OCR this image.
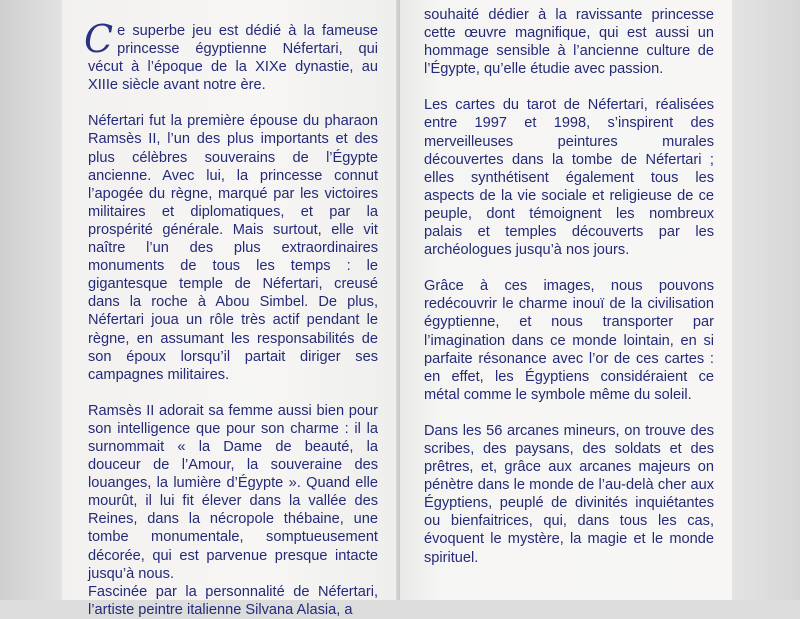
C e superbe jeu est dédié à la fameuse princesse égyptienne Néfertari, qui vécut à l’époque de la XIXe dynastie, au XIIIe siècle avant notre ère.

Néfertari fut la première épouse du pharaon Ramsès II, l’un des plus importants et des plus célèbres souverains de l’Égypte ancienne. Avec lui, la princesse connut l’apogée du règne, marqué par les victoires militaires et diplomatiques, et par la prospérité générale. Mais surtout, elle vit naître l’un des plus extraordinaires monuments de tous les temps : le gigantesque temple de Néfertari, creusé dans la roche à Abou Simbel. De plus, Néfertari joua un rôle très actif pendant le règne, en assumant les responsabilités de son époux lorsqu’il partait diriger ses campagnes militaires.

Ramsès II adorait sa femme aussi bien pour son intelligence que pour son charme : il la surnommait « la Dame de beauté, la douceur de l’Amour, la souveraine des louanges, la lumière d’Égypte ». Quand elle mourût, il lui fit élever dans la vallée des Reines, dans la nécropole thébaine, une tombe monumentale, somptueusement décorée, qui est parvenue presque intacte jusqu’à nous.

Fascinée par la personnalité de Néfertari, l’artiste peintre italienne Silvana Alasia, a

souhaité dédier à la ravissante princesse cette œuvre magnifique, qui est aussi un hommage sensible à l’ancienne culture de l’Égypte, qu’elle étudie avec passion.

Les cartes du tarot de Néfertari, réalisées entre 1997 et 1998, s’inspirent des merveilleuses peintures murales découvertes dans la tombe de Néfertari ; elles synthétisent également tous les aspects de la vie sociale et religieuse de ce peuple, dont témoignent les nombreux palais et temples découverts par les archéologues jusqu’à nos jours.

Grâce à ces images, nous pouvons redécouvrir le charme inouï de la civilisation égyptienne, et nous transporter par l’imagination dans ce monde lointain, en si parfaite résonance avec l’or de ces cartes : en effet, les Égyptiens considéraient ce métal comme le symbole même du soleil.

Dans les 56 arcanes mineurs, on trouve des scribes, des paysans, des soldats et des prêtres, et, grâce aux arcanes majeurs on pénètre dans le monde de l’au-delà cher aux Égyptiens, peuplé de divinités inquiétantes ou bienfaitrices, qui, dans tous les cas, évoquent le mystère, la magie et le monde spirituel.
